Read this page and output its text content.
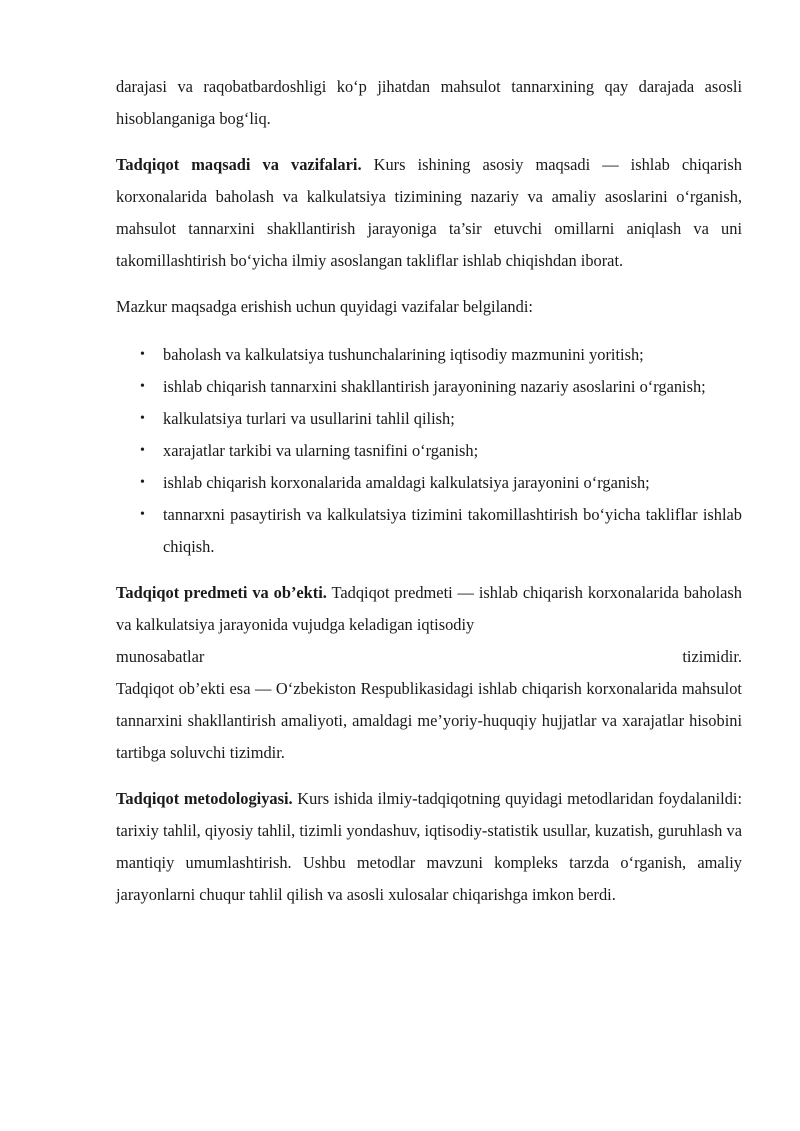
darajasi va raqobatbardoshligi ko‘p jihatdan mahsulot tannarxining qay darajada asosli hisoblanganiga bog‘liq.

Tadqiqot maqsadi va vazifalari. Kurs ishining asosiy maqsadi — ishlab chiqarish korxonalarida baholash va kalkulatsiya tizimining nazariy va amaliy asoslarini o‘rganish, mahsulot tannarxini shakllantirish jarayoniga ta’sir etuvchi omillarni aniqlash va uni takomillashtirish bo‘yicha ilmiy asoslangan takliflar ishlab chiqishdan iborat.

Mazkur maqsadga erishish uchun quyidagi vazifalar belgilandi:

• baholash va kalkulatsiya tushunchalarining iqtisodiy mazmunini yoritish;
• ishlab chiqarish tannarxini shakllantirish jarayonining nazariy asoslarini o‘rganish;
• kalkulatsiya turlari va usullarini tahlil qilish;
• xarajatlar tarkibi va ularning tasnifini o‘rganish;
• ishlab chiqarish korxonalarida amaldagi kalkulatsiya jarayonini o‘rganish;
• tannarxni pasaytirish va kalkulatsiya tizimini takomillashtirish bo‘yicha takliflar ishlab chiqish.

Tadqiqot predmeti va ob’ekti. Tadqiqot predmeti — ishlab chiqarish korxonalarida baholash va kalkulatsiya jarayonida vujudga keladigan iqtisodiy

munosabatlar	tizimidir.

Tadqiqot ob’ekti esa — O‘zbekiston Respublikasidagi ishlab chiqarish korxonalarida mahsulot tannarxini shakllantirish amaliyoti, amaldagi me’yoriy-huquqiy hujjatlar va xarajatlar hisobini tartibga soluvchi tizimdir.

Tadqiqot metodologiyasi. Kurs ishida ilmiy-tadqiqotning quyidagi metodlaridan foydalanildi: tarixiy tahlil, qiyosiy tahlil, tizimli yondashuv, iqtisodiy-statistik usullar, kuzatish, guruhlash va mantiqiy umumlashtirish. Ushbu metodlar mavzuni kompleks tarzda o‘rganish, amaliy jarayonlarni chuqur tahlil qilish va asosli xulosalar chiqarishga imkon berdi.
